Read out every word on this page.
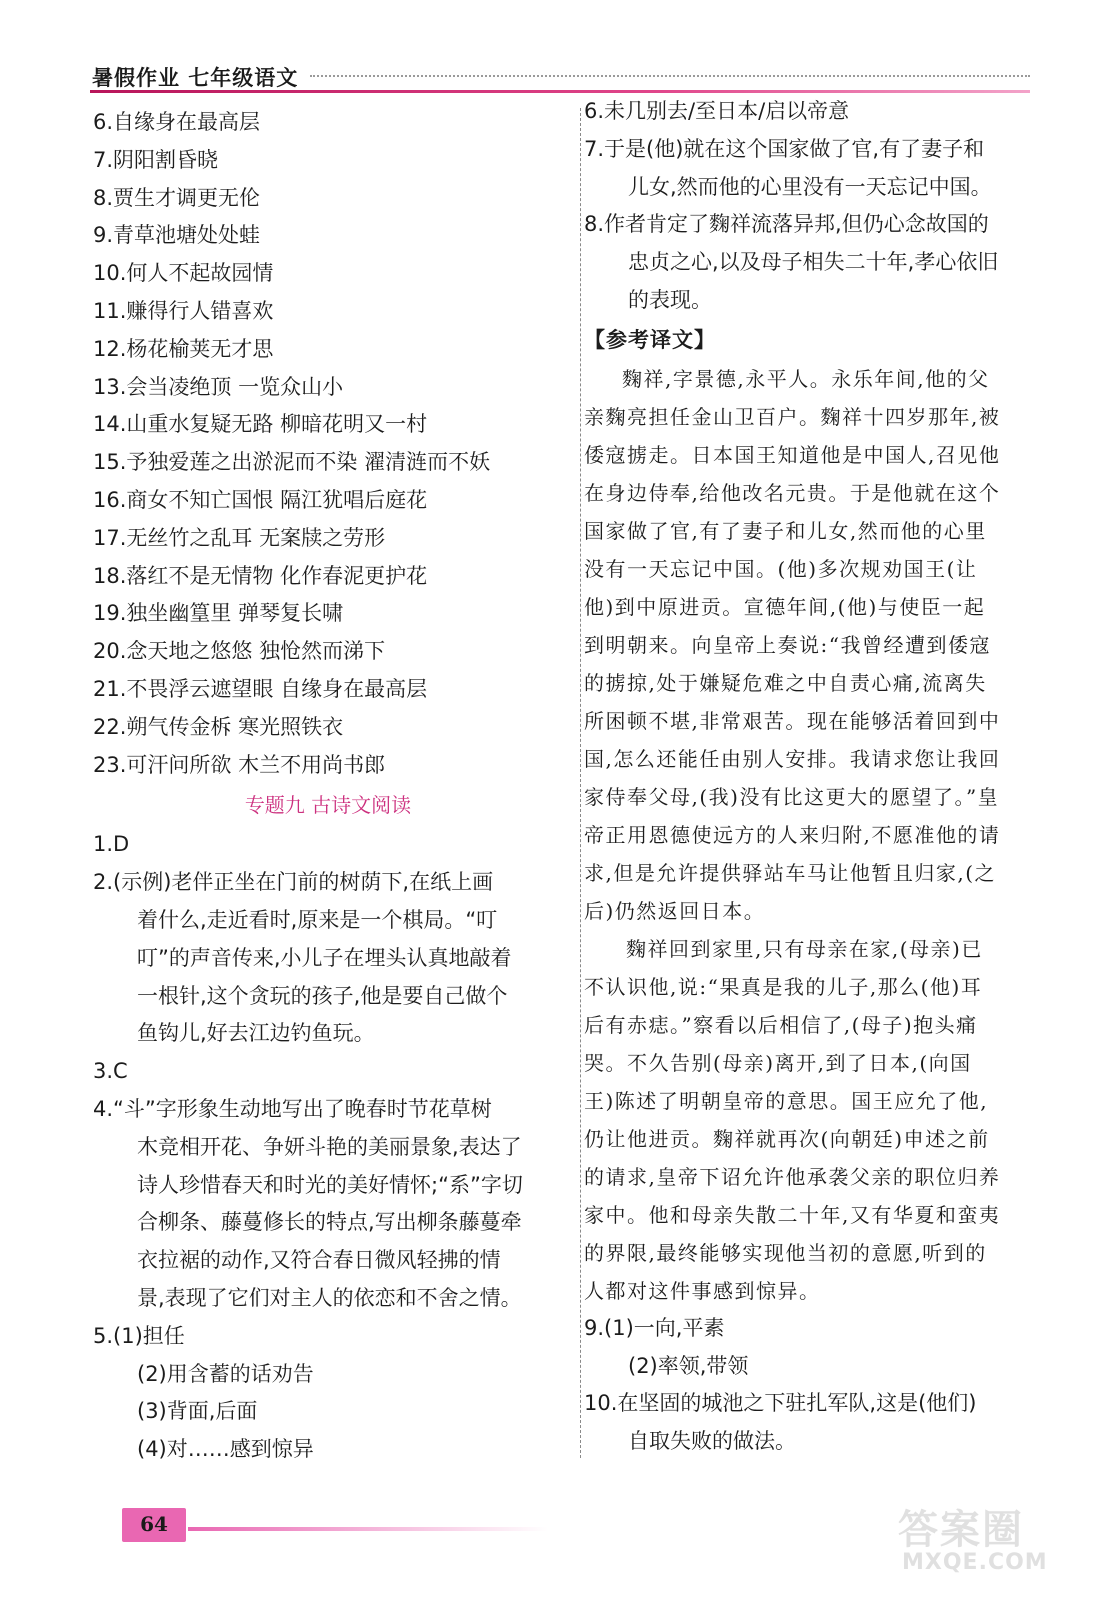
暑假作业 七年级语文
6.自缘身在最高层
7.阴阳割昏晓
8.贾生才调更无伦
9.青草池塘处处蛙
10.何人不起故园情
11.赚得行人错喜欢
12.杨花榆荚无才思
13.会当凌绝顶 一览众山小
14.山重水复疑无路 柳暗花明又一村
15.予独爱莲之出淤泥而不染 濯清涟而不妖
16.商女不知亡国恨 隔江犹唱后庭花
17.无丝竹之乱耳 无案牍之劳形
18.落红不是无情物 化作春泥更护花
19.独坐幽篁里 弹琴复长啸
20.念天地之悠悠 独怆然而涕下
21.不畏浮云遮望眼 自缘身在最高层
22.朔气传金柝 寒光照铁衣
23.可汗问所欲 木兰不用尚书郎
专题九 古诗文阅读
1.D
2.(示例)老伴正坐在门前的树荫下,在纸上画
着什么,走近看时,原来是一个棋局。“叮
叮”的声音传来,小儿子在埋头认真地敲着
一根针,这个贪玩的孩子,他是要自己做个
鱼钩儿,好去江边钓鱼玩。
3.C
4.“斗”字形象生动地写出了晚春时节花草树
木竞相开花、争妍斗艳的美丽景象,表达了
诗人珍惜春天和时光的美好情怀;“系”字切
合柳条、藤蔓修长的特点,写出柳条藤蔓牵
衣拉裾的动作,又符合春日微风轻拂的情
景,表现了它们对主人的依恋和不舍之情。
5.(1)担任
(2)用含蓄的话劝告
(3)背面,后面
(4)对……感到惊异
6.未几别去/至日本/启以帝意
7.于是(他)就在这个国家做了官,有了妻子和
儿女,然而他的心里没有一天忘记中国。
8.作者肯定了麴祥流落异邦,但仍心念故国的
忠贞之心,以及母子相失二十年,孝心依旧
的表现。
【参考译文】
麴祥,字景德,永平人。永乐年间,他的父
亲麴亮担任金山卫百户。麴祥十四岁那年,被
倭寇掳走。日本国王知道他是中国人,召见他
在身边侍奉,给他改名元贵。于是他就在这个
国家做了官,有了妻子和儿女,然而他的心里
没有一天忘记中国。(他)多次规劝国王(让
他)到中原进贡。宣德年间,(他)与使臣一起
到明朝来。向皇帝上奏说:“我曾经遭到倭寇
的掳掠,处于嫌疑危难之中自责心痛,流离失
所困顿不堪,非常艰苦。现在能够活着回到中
国,怎么还能任由别人安排。我请求您让我回
家侍奉父母,(我)没有比这更大的愿望了。”皇
帝正用恩德使远方的人来归附,不愿准他的请
求,但是允许提供驿站车马让他暂且归家,(之
后)仍然返回日本。
麴祥回到家里,只有母亲在家,(母亲)已
不认识他,说:“果真是我的儿子,那么(他)耳
后有赤痣。”察看以后相信了,(母子)抱头痛
哭。不久告别(母亲)离开,到了日本,(向国
王)陈述了明朝皇帝的意思。国王应允了他,
仍让他进贡。麴祥就再次(向朝廷)申述之前
的请求,皇帝下诏允许他承袭父亲的职位归养
家中。他和母亲失散二十年,又有华夏和蛮夷
的界限,最终能够实现他当初的意愿,听到的
人都对这件事感到惊异。
9.(1)一向,平素
(2)率领,带领
10.在坚固的城池之下驻扎军队,这是(他们)
自取失败的做法。
64	答案圈
MXQE.COM
